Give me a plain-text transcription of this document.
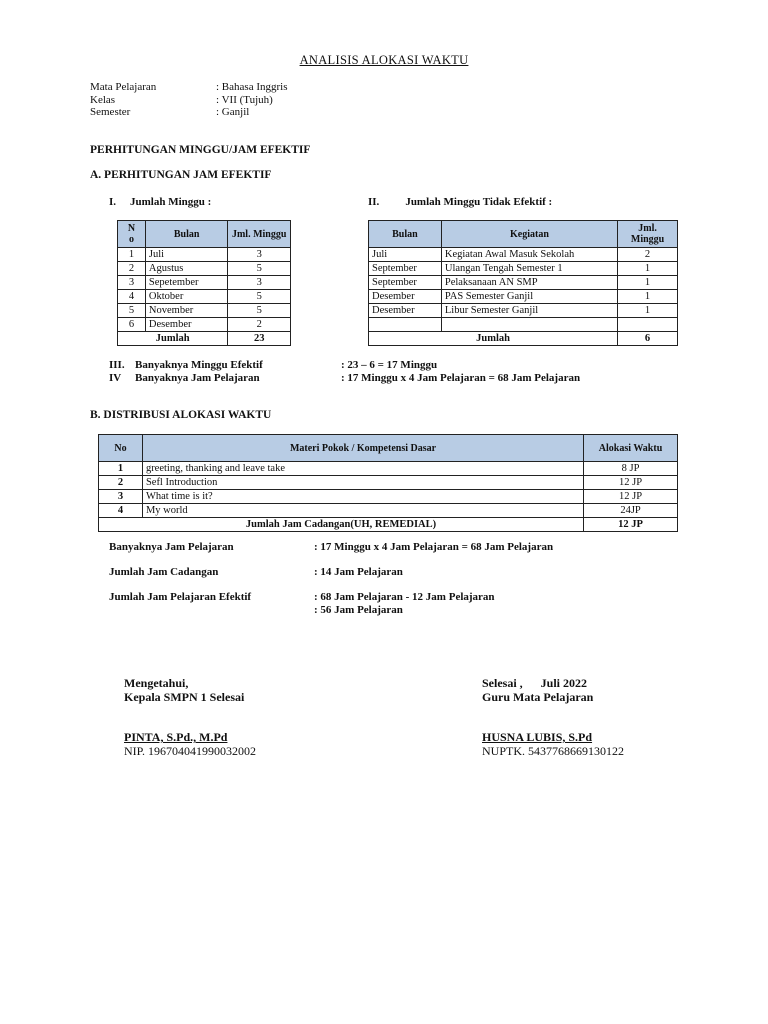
ANALISIS ALOKASI WAKTU
Mata Pelajaran	: Bahasa Inggris
Kelas	: VII (Tujuh)
Semester	: Ganjil
PERHITUNGAN MINGGU/JAM EFEKTIF
A. PERHITUNGAN JAM EFEKTIF
I. Jumlah Minggu :	II. Jumlah Minggu Tidak Efektif :
N o	Bulan	Jml. Minggu
1	Juli	3
2	Agustus	5
3	Sepetember	3
4	Oktober	5
5	November	5
6	Desember	2
Jumlah		23
Bulan	Kegiatan	Jml. Minggu
Juli	Kegiatan Awal Masuk Sekolah	2
September	Ulangan Tengah Semester 1	1
September	Pelaksanaan AN SMP	1
Desember	PAS Semester Ganjil	1
Desember	Libur Semester Ganjil	1

Jumlah		6
III. Banyaknya Minggu Efektif	: 23 – 6 = 17 Minggu
IV Banyaknya Jam Pelajaran	: 17 Minggu x 4 Jam Pelajaran = 68 Jam Pelajaran
B. DISTRIBUSI ALOKASI WAKTU
No	Materi Pokok / Kompetensi Dasar	Alokasi Waktu
1	greeting, thanking and leave take	8 JP
2	Sefl Introduction	12 JP
3	What time is it?	12 JP
4	My world	24JP
Jumlah Jam Cadangan(UH, REMEDIAL)		12 JP
Banyaknya Jam Pelajaran	: 17 Minggu x 4 Jam Pelajaran = 68 Jam Pelajaran
Jumlah Jam Cadangan	: 14 Jam Pelajaran
Jumlah Jam Pelajaran Efektif	: 68 Jam Pelajaran - 12 Jam Pelajaran
: 56 Jam Pelajaran
Mengetahui,
Kepala SMPN 1 Selesai
PINTA, S.Pd., M.Pd
NIP. 196704041990032002
Selesai ,      Juli 2022
Guru Mata Pelajaran
HUSNA LUBIS, S.Pd
NUPTK. 5437768669130122
